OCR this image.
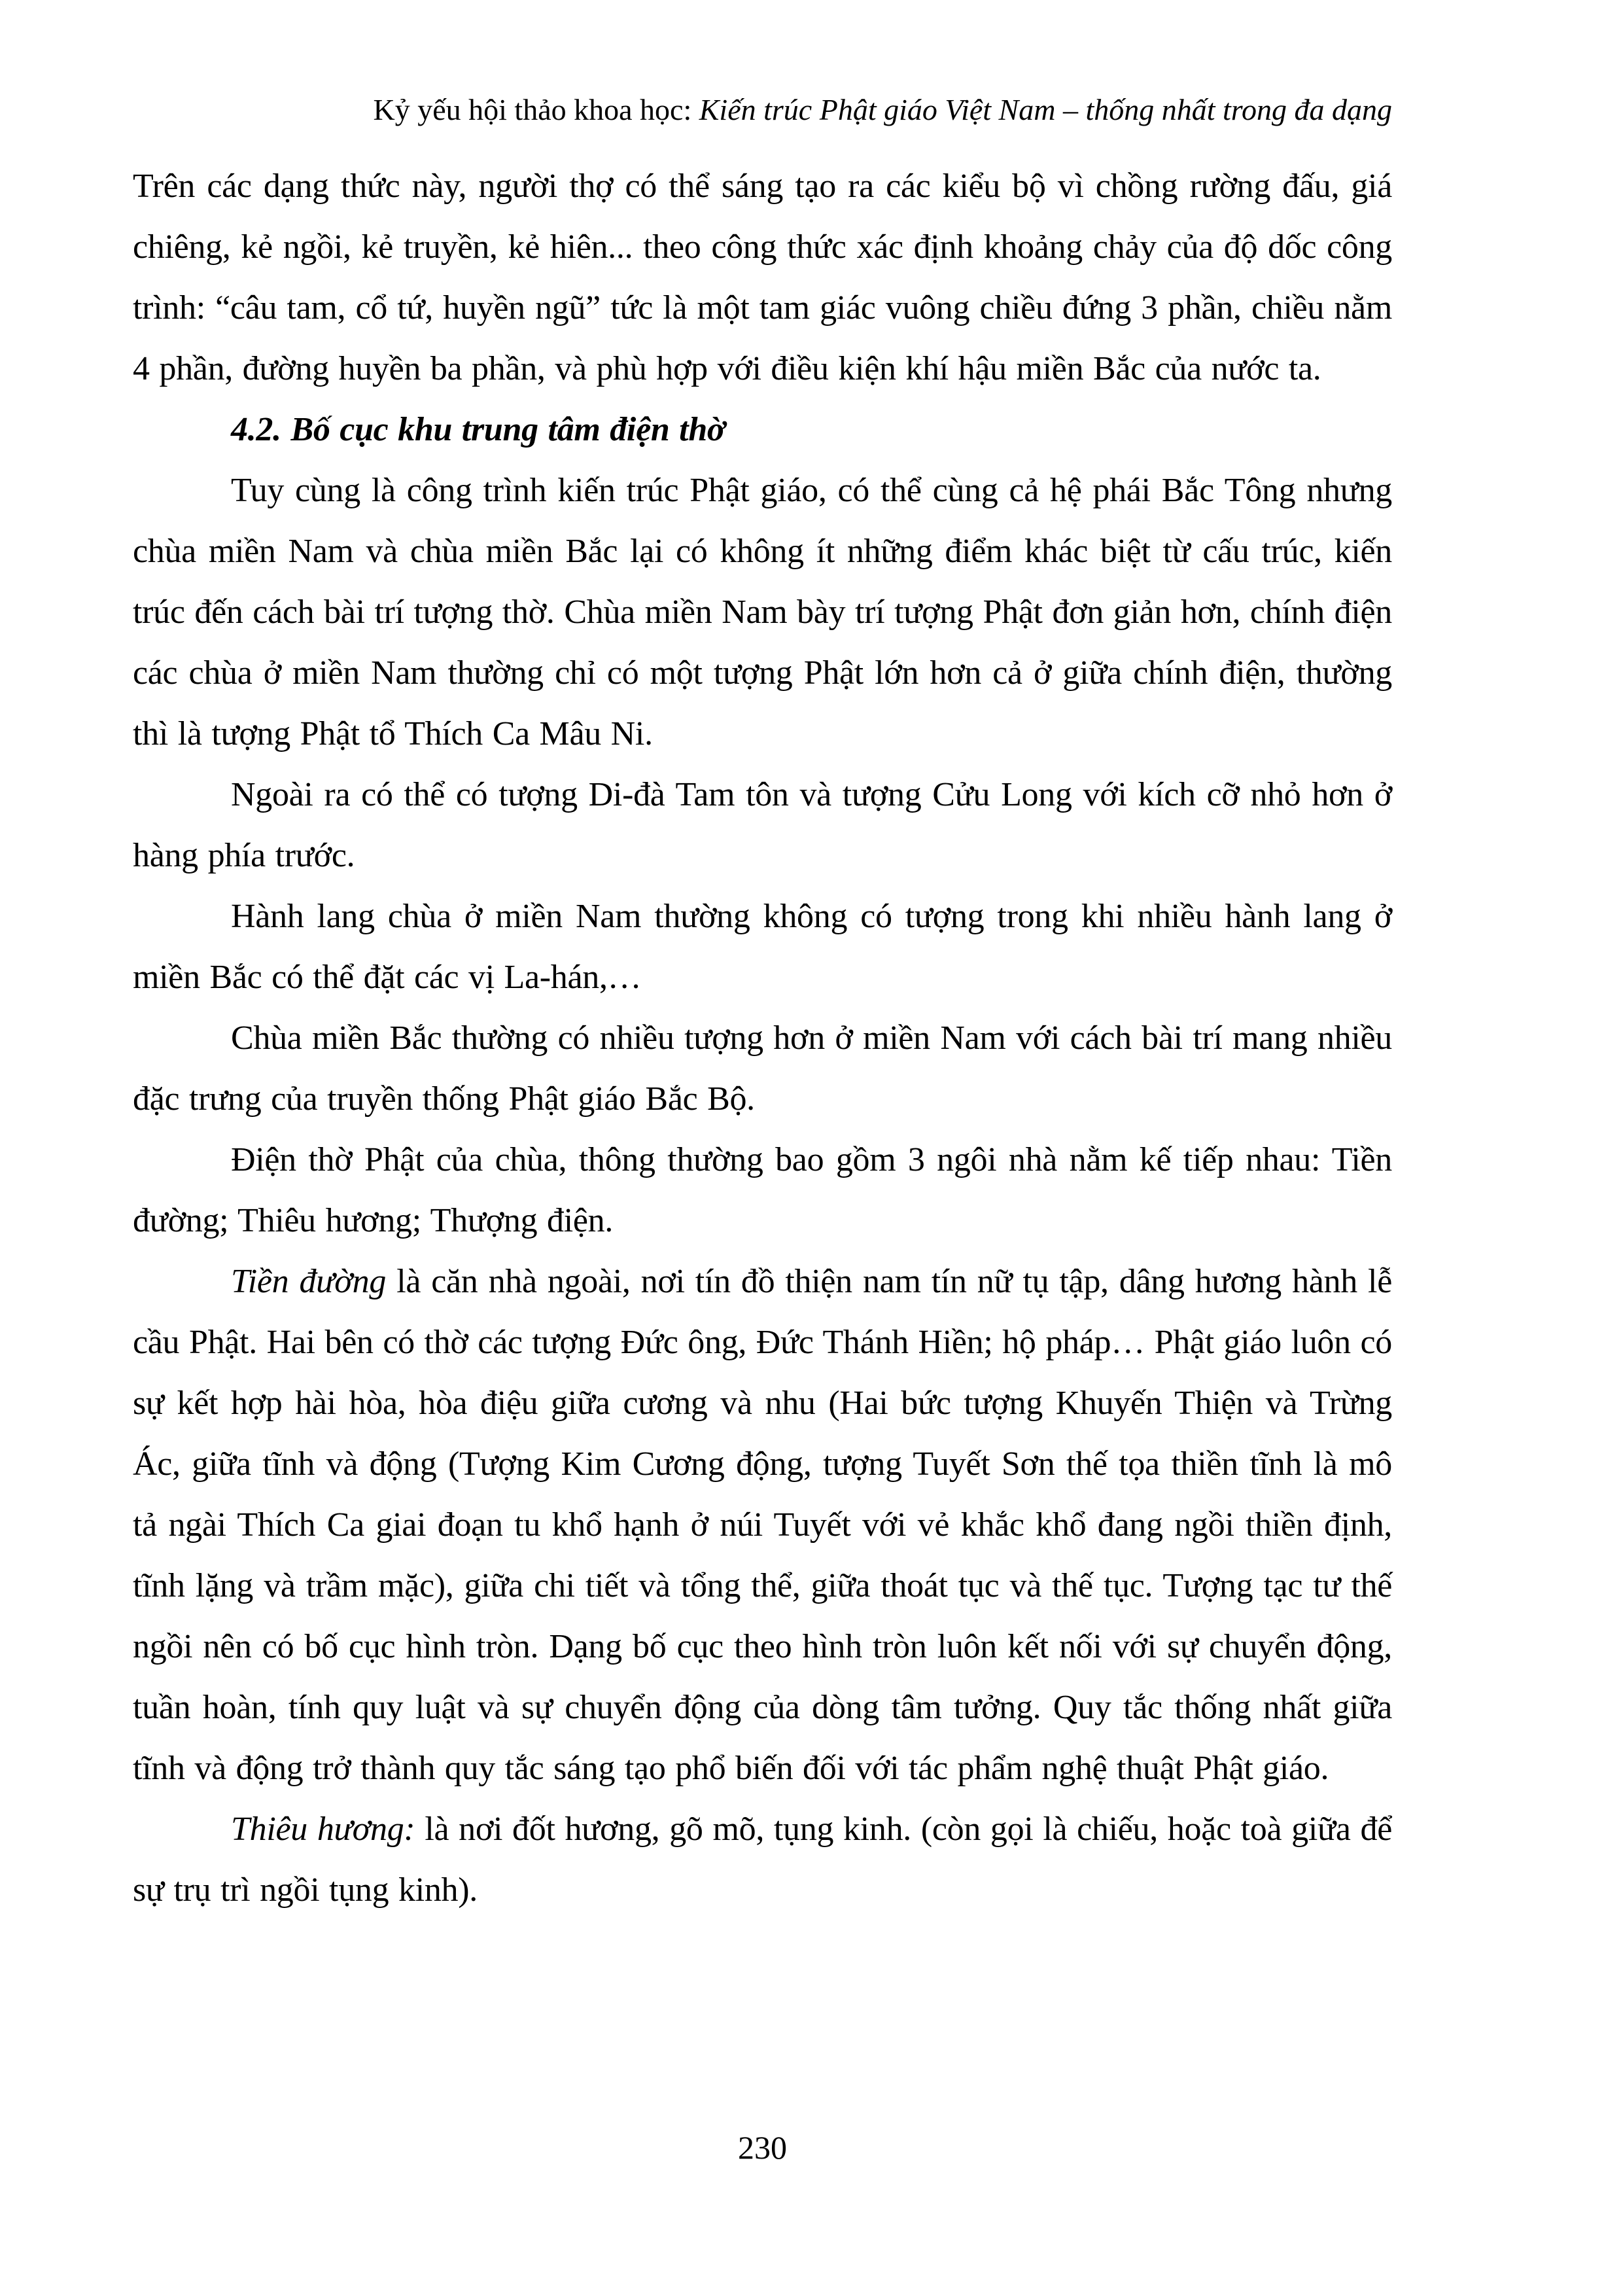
Kỷ yếu hội thảo khoa học: Kiến trúc Phật giáo Việt Nam – thống nhất trong đa dạng

Trên các dạng thức này, người thợ có thể sáng tạo ra các kiểu bộ vì chồng rường đấu, giá chiêng, kẻ ngồi, kẻ truyền, kẻ hiên... theo công thức xác định khoảng chảy của độ dốc công trình: “câu tam, cổ tứ, huyền ngũ” tức là một tam giác vuông chiều đứng 3 phần, chiều nằm 4 phần, đường huyền ba phần, và phù hợp với điều kiện khí hậu miền Bắc của nước ta.

4.2. Bố cục khu trung tâm điện thờ

Tuy cùng là công trình kiến trúc Phật giáo, có thể cùng cả hệ phái Bắc Tông nhưng chùa miền Nam và chùa miền Bắc lại có không ít những điểm khác biệt từ cấu trúc, kiến trúc đến cách bài trí tượng thờ. Chùa miền Nam bày trí tượng Phật đơn giản hơn, chính điện các chùa ở miền Nam thường chỉ có một tượng Phật lớn hơn cả ở giữa chính điện, thường thì là tượng Phật tổ Thích Ca Mâu Ni.

Ngoài ra có thể có tượng Di-đà Tam tôn và tượng Cửu Long với kích cỡ nhỏ hơn ở hàng phía trước.

Hành lang chùa ở miền Nam thường không có tượng trong khi nhiều hành lang ở miền Bắc có thể đặt các vị La-hán,…

Chùa miền Bắc thường có nhiều tượng hơn ở miền Nam với cách bài trí mang nhiều đặc trưng của truyền thống Phật giáo Bắc Bộ.

Điện thờ Phật của chùa, thông thường bao gồm 3 ngôi nhà nằm kế tiếp nhau: Tiền đường; Thiêu hương; Thượng điện.

Tiền đường là căn nhà ngoài, nơi tín đồ thiện nam tín nữ tụ tập, dâng hương hành lễ cầu Phật. Hai bên có thờ các tượng Đức ông, Đức Thánh Hiền; hộ pháp… Phật giáo luôn có sự kết hợp hài hòa, hòa điệu giữa cương và nhu (Hai bức tượng Khuyến Thiện và Trừng Ác, giữa tĩnh và động (Tượng Kim Cương động, tượng Tuyết Sơn thế tọa thiền tĩnh là mô tả ngài Thích Ca giai đoạn tu khổ hạnh ở núi Tuyết với vẻ khắc khổ đang ngồi thiền định, tĩnh lặng và trầm mặc), giữa chi tiết và tổng thể, giữa thoát tục và thế tục. Tượng tạc tư thế ngồi nên có bố cục hình tròn. Dạng bố cục theo hình tròn luôn kết nối với sự chuyển động, tuần hoàn, tính quy luật và sự chuyển động của dòng tâm tưởng. Quy tắc thống nhất giữa tĩnh và động trở thành quy tắc sáng tạo phổ biến đối với tác phẩm nghệ thuật Phật giáo.

Thiêu hương: là nơi đốt hương, gõ mõ, tụng kinh. (còn gọi là chiếu, hoặc toà giữa để sự trụ trì ngồi tụng kinh).

230
